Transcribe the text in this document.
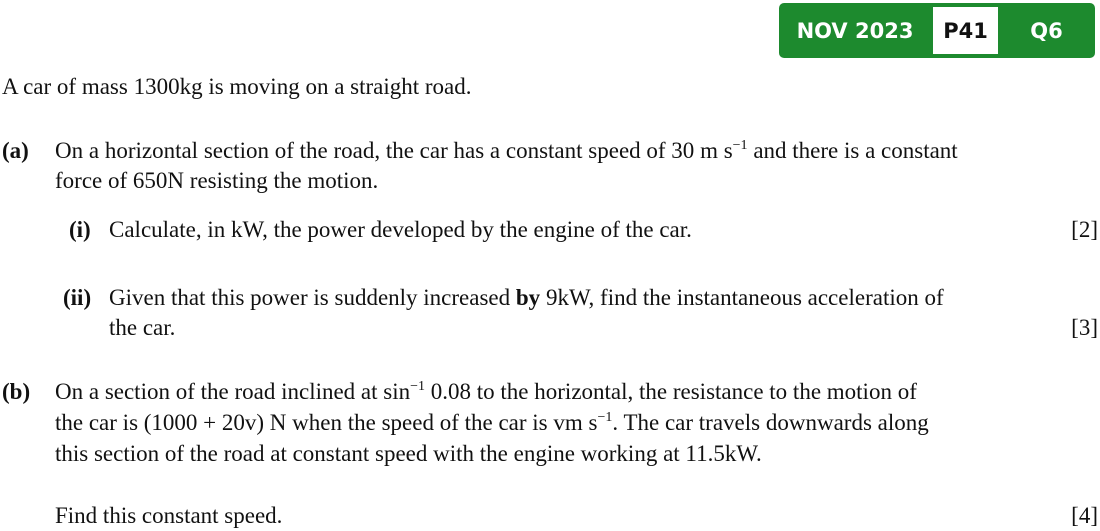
NOV 2023	P41	Q6
A car of mass 1300kg is moving on a straight road.
(a) On a horizontal section of the road, the car has a constant speed of 30 m $s^{-1}$ and there is a constant
force of 650N resisting the motion.
(i) Calculate, in kW, the power developed by the engine of the car.	[2]
(ii) Given that this power is suddenly increased by 9kW, find the instantaneous acceleration of
the car.	[3]
(b) On a section of the road inclined at $\sin^{-1} 0.08$ to the horizontal, the resistance to the motion of
the car is (1000 + 20v) N when the speed of the car is vm $s^{-1}$. The car travels downwards along
this section of the road at constant speed with the engine working at 11.5kW.
Find this constant speed.	[4]
